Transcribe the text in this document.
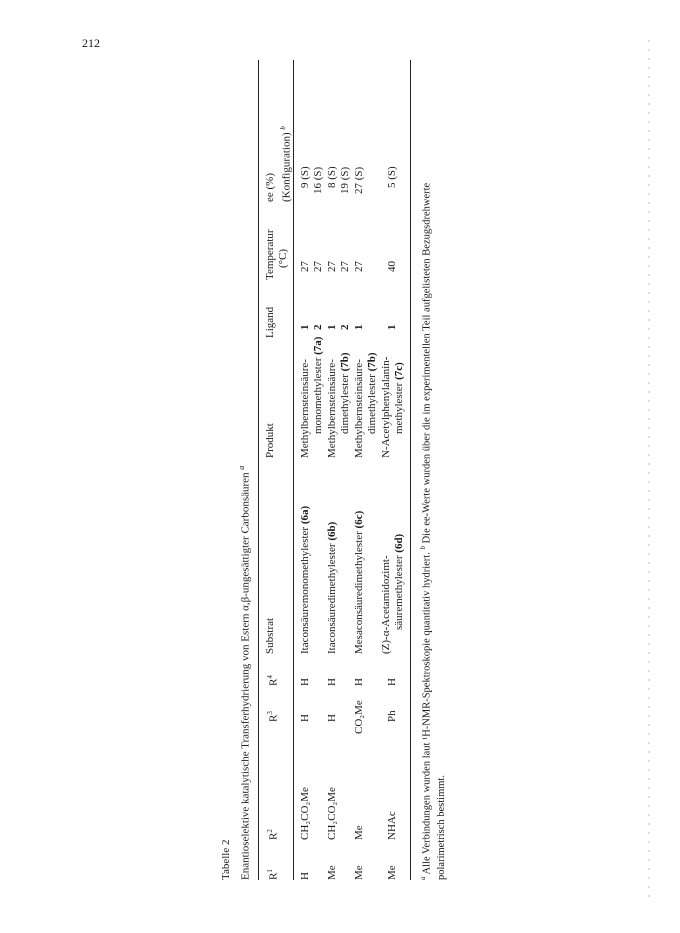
212
Tabelle 2 Enantioselektive katalytische Transferhydrierung von Estern α,β-ungesättigter Carbonsäuren $^a$
$R^1$
$R^2$
$R^3$
$R^4$
Substrat
Produkt
Ligand
Temperatur (°C)
ee (%) (Konfiguration) $^b$
H
CH₂CO₂Me
H
H
Itaconsäuremonomethylester (6a)
Methylbernsteinsäure- monomethylester (7a)
1 2
27 27
9 (S) 16 (S)
Me
CH₂CO₂Me
H
H
Itaconsäuredimethylester (6b)
Methylbernsteinsäure- dimethylester (7b)
1 2
27 27
8 (S) 19 (S)
Me
Me
CO₂Me
H
Mesaconsäuredimethylester (6c)
Methylbernsteinsäure- dimethylester (7b)
1
27
27 (S)
Me
NHAc
Ph
H
(Z)-α-Acetamidozimt- säuremethylester (6d)
N-Acetylphenylalanin- methylester (7c)
1
40
5 (S)
$^a$ Alle Verbindungen wurden laut ¹H-NMR-Spektroskopie quantitativ hydriert. $^b$ Die ee-Werte wurden über die im experimentellen Teil aufgelisteten Bezugsdrehwerte
polarimetrisch bestimmt.
